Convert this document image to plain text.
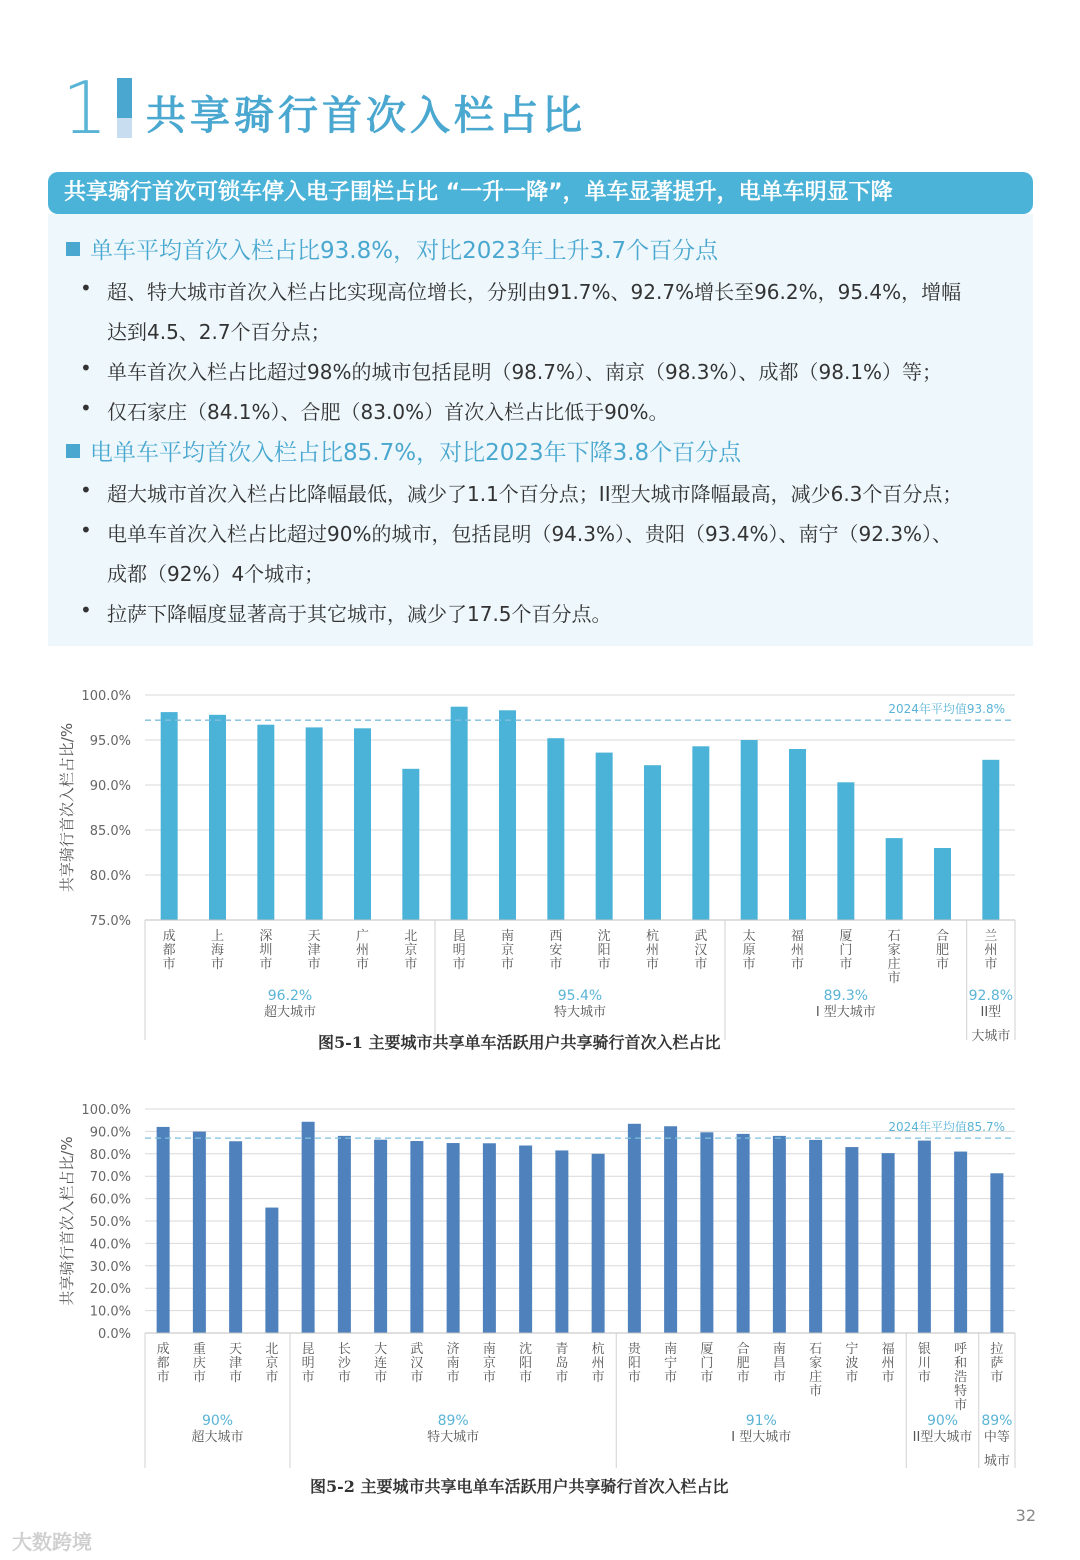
1 共享骑行首次入栏占比
共享骑行首次可锁车停入电子围栏占比 “一升一降”，单车显著提升，电单车明显下降
单车平均首次入栏占比93.8%，对比2023年上升3.7个百分点
• 超、特大城市首次入栏占比实现高位增长，分别由91.7%、92.7%增长至96.2%，95.4%，增幅
达到4.5、2.7个百分点；
• 单车首次入栏占比超过98%的城市包括昆明（98.7%）、南京（98.3%）、成都（98.1%）等；
• 仅石家庄（84.1%）、合肥（83.0%）首次入栏占比低于90%。
电单车平均首次入栏占比85.7%，对比2023年下降3.8个百分点
• 超大城市首次入栏占比降幅最低，减少了1.1个百分点；II型大城市降幅最高，减少6.3个百分点；
• 电单车首次入栏占比超过90%的城市，包括昆明（94.3%）、贵阳（93.4%）、南宁（92.3%）、
成都（92%）4个城市；
• 拉萨下降幅度显著高于其它城市，减少了17.5个百分点。
75.0%
80.0%
85.0%
90.0%
95.0%
100.0%
共享骑行首次入栏占比/%
2024年平均值93.8%
成都市
上海市
深圳市
天津市
广州市
北京市
昆明市
南京市
西安市
沈阳市
杭州市
武汉市
太原市
福州市
厦门市
石家庄市
合肥市
兰州市
96.2%
超大城市
95.4%
特大城市
89.3%
I 型大城市
92.8%
II型
大城市
图5-1 主要城市共享单车活跃用户共享骑行首次入栏占比
0.0%
10.0%
20.0%
30.0%
40.0%
50.0%
60.0%
70.0%
80.0%
90.0%
100.0%
共享骑行首次入栏占比/%
2024年平均值85.7%
成都市
重庆市
天津市
北京市
昆明市
长沙市
大连市
武汉市
济南市
南京市
沈阳市
青岛市
杭州市
贵阳市
南宁市
厦门市
合肥市
南昌市
石家庄市
宁波市
福州市
银川市
呼和浩特市
拉萨市
90%
超大城市
89%
特大城市
91%
I 型大城市
90%
II型大城市
89%
中等
城市
图5-2 主要城市共享电单车活跃用户共享骑行首次入栏占比
32
大数跨境
